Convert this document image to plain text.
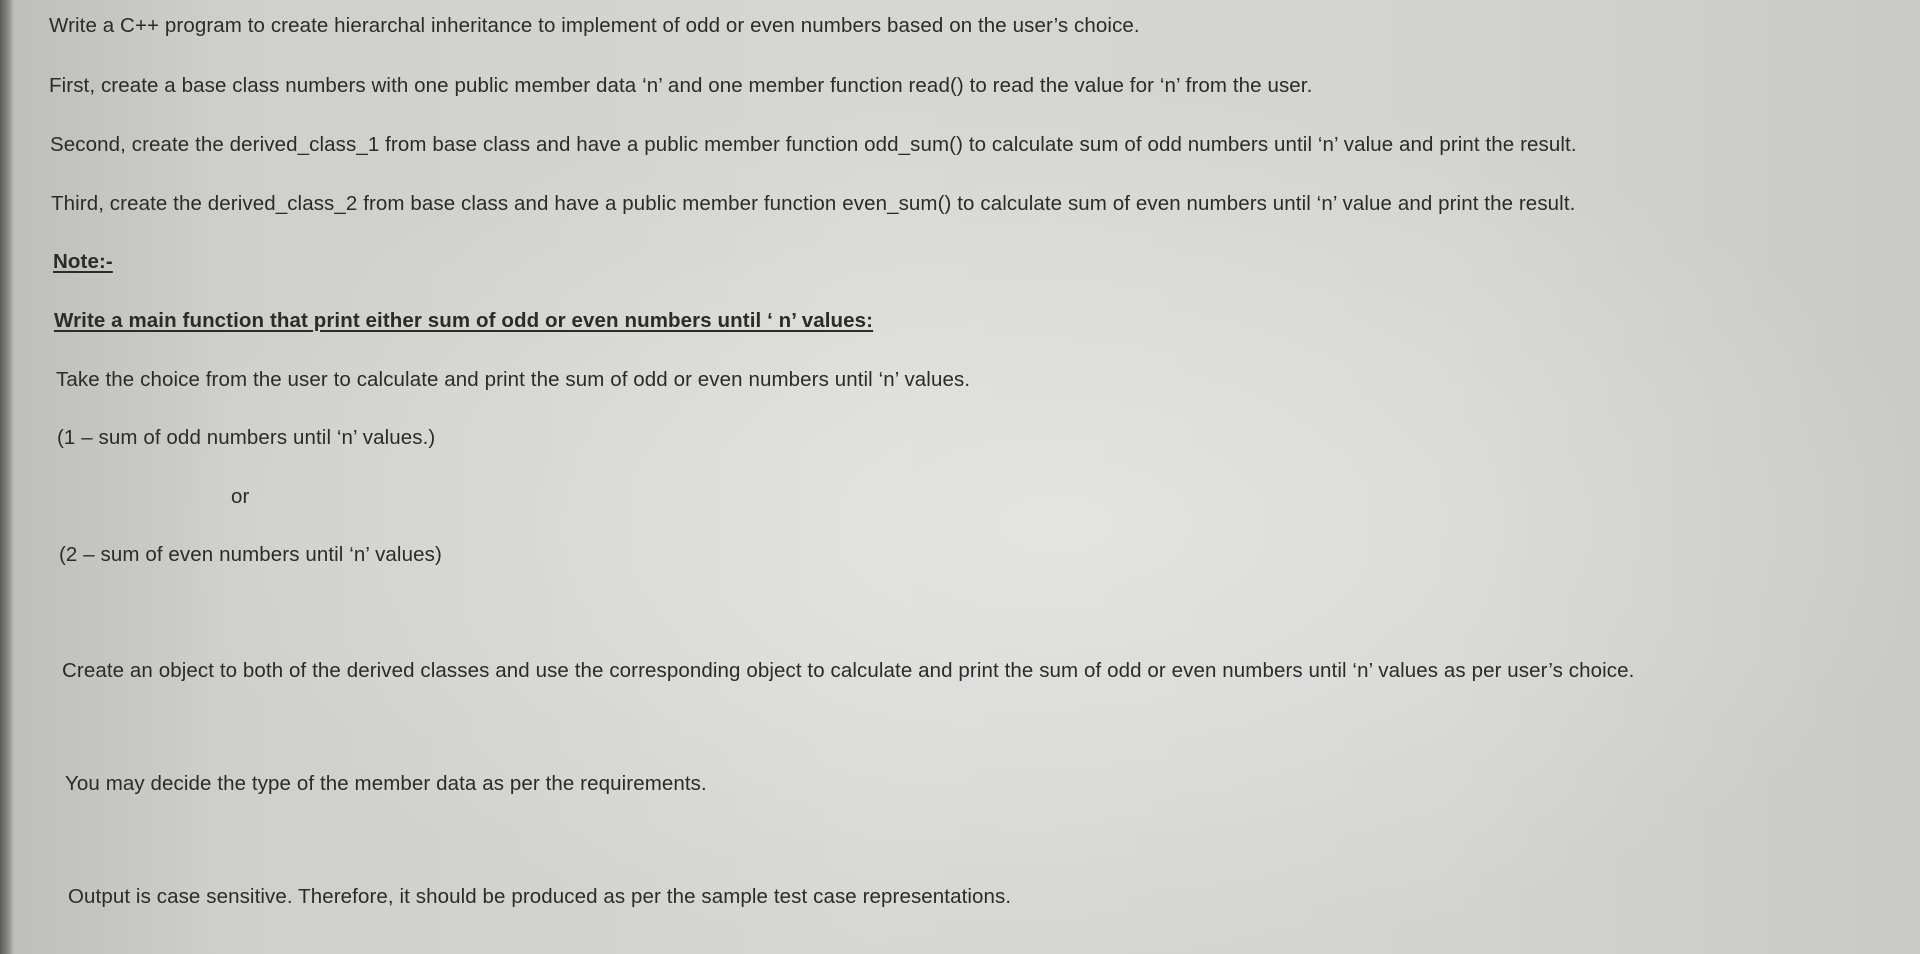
Write a C++ program to create hierarchal inheritance to implement of odd or even numbers based on the user’s choice.
First, create a base class numbers with one public member data ‘n’ and one member function read() to read the value for ‘n’ from the user.
Second, create the derived_class_1 from base class and have a public member function odd_sum() to calculate sum of odd numbers until ‘n’ value and print the result.
Third, create the derived_class_2 from base class and have a public member function even_sum() to calculate sum of even numbers until ‘n’ value and print the result.
Note:-
Write a main function that print either sum of odd or even numbers until ‘ n’ values:
Take the choice from the user to calculate and print the sum of odd or even numbers until ‘n’ values.
(1 – sum of odd numbers until ‘n’ values.)
or
(2 – sum of even numbers until ‘n’ values)
Create an object to both of the derived classes and use the corresponding object to calculate and print the sum of odd or even numbers until ‘n’ values as per user’s choice.
You may decide the type of the member data as per the requirements.
Output is case sensitive. Therefore, it should be produced as per the sample test case representations.
